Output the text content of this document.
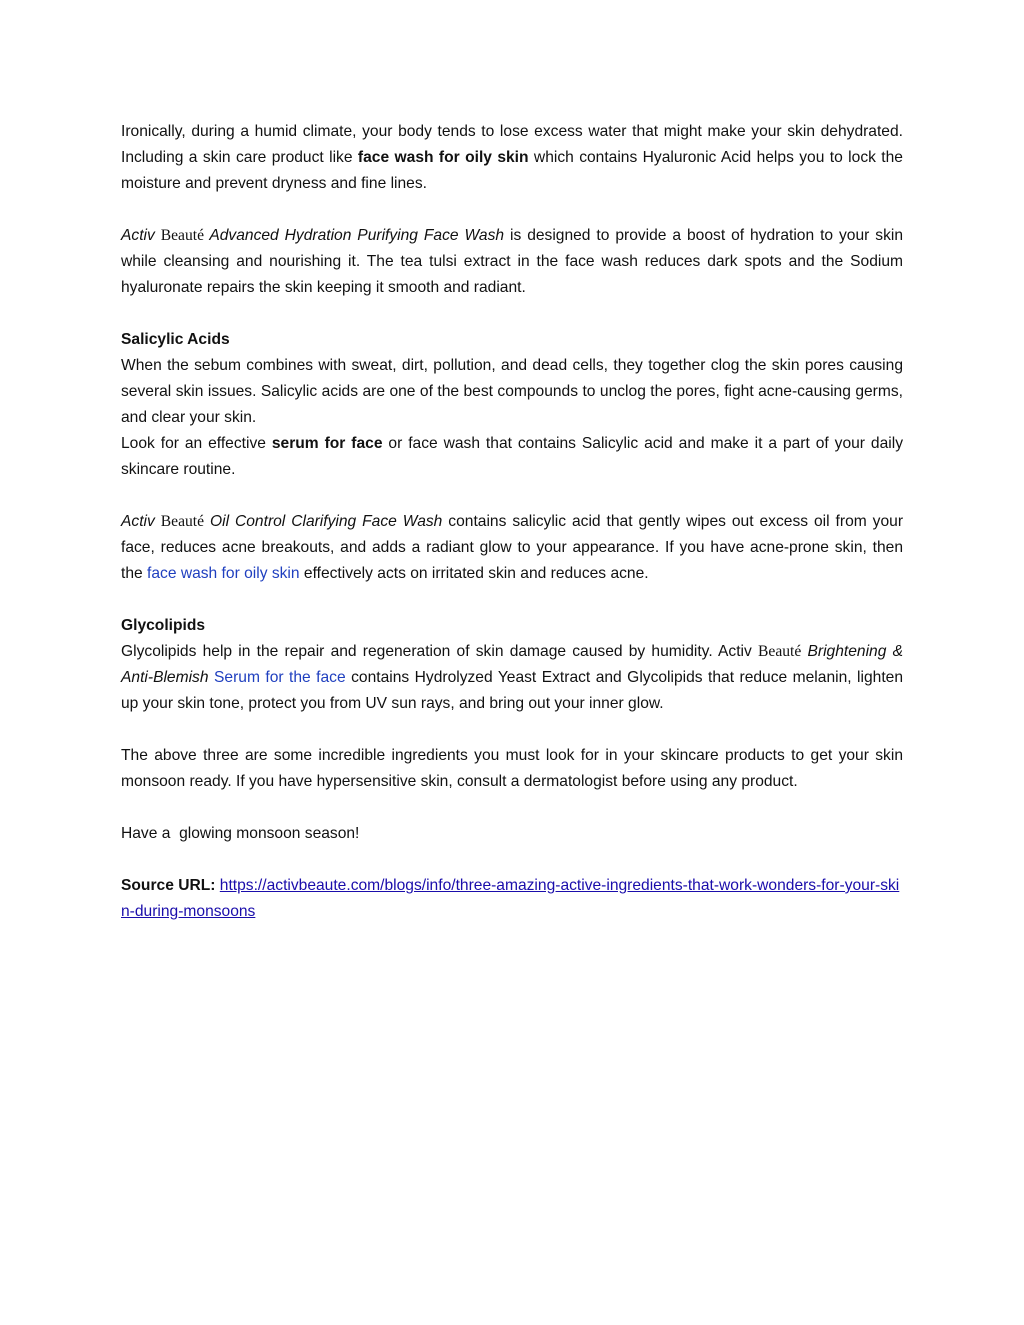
Ironically, during a humid climate, your body tends to lose excess water that might make your skin dehydrated. Including a skin care product like face wash for oily skin which contains Hyaluronic Acid helps you to lock the moisture and prevent dryness and fine lines.

Activ Beauté Advanced Hydration Purifying Face Wash is designed to provide a boost of hydration to your skin while cleansing and nourishing it. The tea tulsi extract in the face wash reduces dark spots and the Sodium hyaluronate repairs the skin keeping it smooth and radiant.

Salicylic Acids

When the sebum combines with sweat, dirt, pollution, and dead cells, they together clog the skin pores causing several skin issues. Salicylic acids are one of the best compounds to unclog the pores, fight acne-causing germs, and clear your skin.

Look for an effective serum for face or face wash that contains Salicylic acid and make it a part of your daily skincare routine.

Activ Beauté Oil Control Clarifying Face Wash contains salicylic acid that gently wipes out excess oil from your face, reduces acne breakouts, and adds a radiant glow to your appearance. If you have acne-prone skin, then the face wash for oily skin effectively acts on irritated skin and reduces acne.

Glycolipids

Glycolipids help in the repair and regeneration of skin damage caused by humidity. Activ Beauté Brightening & Anti-Blemish Serum for the face contains Hydrolyzed Yeast Extract and Glycolipids that reduce melanin, lighten up your skin tone, protect you from UV sun rays, and bring out your inner glow.

The above three are some incredible ingredients you must look for in your skincare products to get your skin monsoon ready. If you have hypersensitive skin, consult a dermatologist before using any product.

Have a  glowing monsoon season!

Source URL: https://activbeaute.com/blogs/info/three-amazing-active-ingredients-that-work-wonders-for-your-skin-during-monsoons
